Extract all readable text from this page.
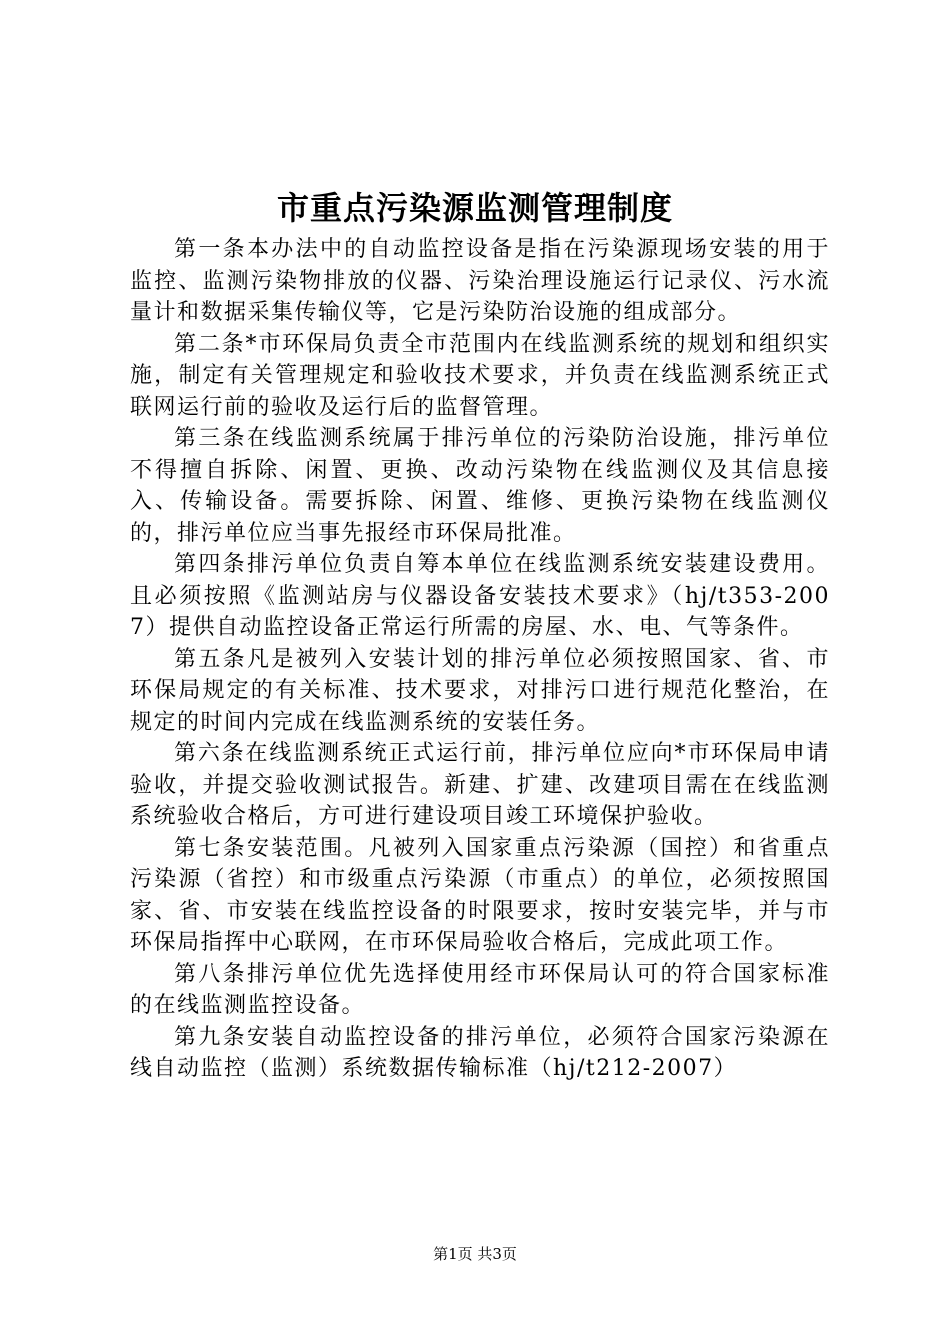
市重点污染源监测管理制度

第一条本办法中的自动监控设备是指在污染源现场安装的用于监控、监测污染物排放的仪器、污染治理设施运行记录仪、污水流量计和数据采集传输仪等，它是污染防治设施的组成部分。

第二条*市环保局负责全市范围内在线监测系统的规划和组织实施，制定有关管理规定和验收技术要求，并负责在线监测系统正式联网运行前的验收及运行后的监督管理。

第三条在线监测系统属于排污单位的污染防治设施，排污单位不得擅自拆除、闲置、更换、改动污染物在线监测仪及其信息接入、传输设备。需要拆除、闲置、维修、更换污染物在线监测仪的，排污单位应当事先报经市环保局批准。

第四条排污单位负责自筹本单位在线监测系统安装建设费用。且必须按照《监测站房与仪器设备安装技术要求》（hj/t353-2007）提供自动监控设备正常运行所需的房屋、水、电、气等条件。

第五条凡是被列入安装计划的排污单位必须按照国家、省、市环保局规定的有关标准、技术要求，对排污口进行规范化整治，在规定的时间内完成在线监测系统的安装任务。

第六条在线监测系统正式运行前，排污单位应向*市环保局申请验收，并提交验收测试报告。新建、扩建、改建项目需在在线监测系统验收合格后，方可进行建设项目竣工环境保护验收。

第七条安装范围。凡被列入国家重点污染源（国控）和省重点污染源（省控）和市级重点污染源（市重点）的单位，必须按照国家、省、市安装在线监控设备的时限要求，按时安装完毕，并与市环保局指挥中心联网，在市环保局验收合格后，完成此项工作。

第八条排污单位优先选择使用经市环保局认可的符合国家标准的在线监测监控设备。

第九条安装自动监控设备的排污单位，必须符合国家污染源在线自动监控（监测）系统数据传输标准（hj/t212-2007）

第1页 共3页
